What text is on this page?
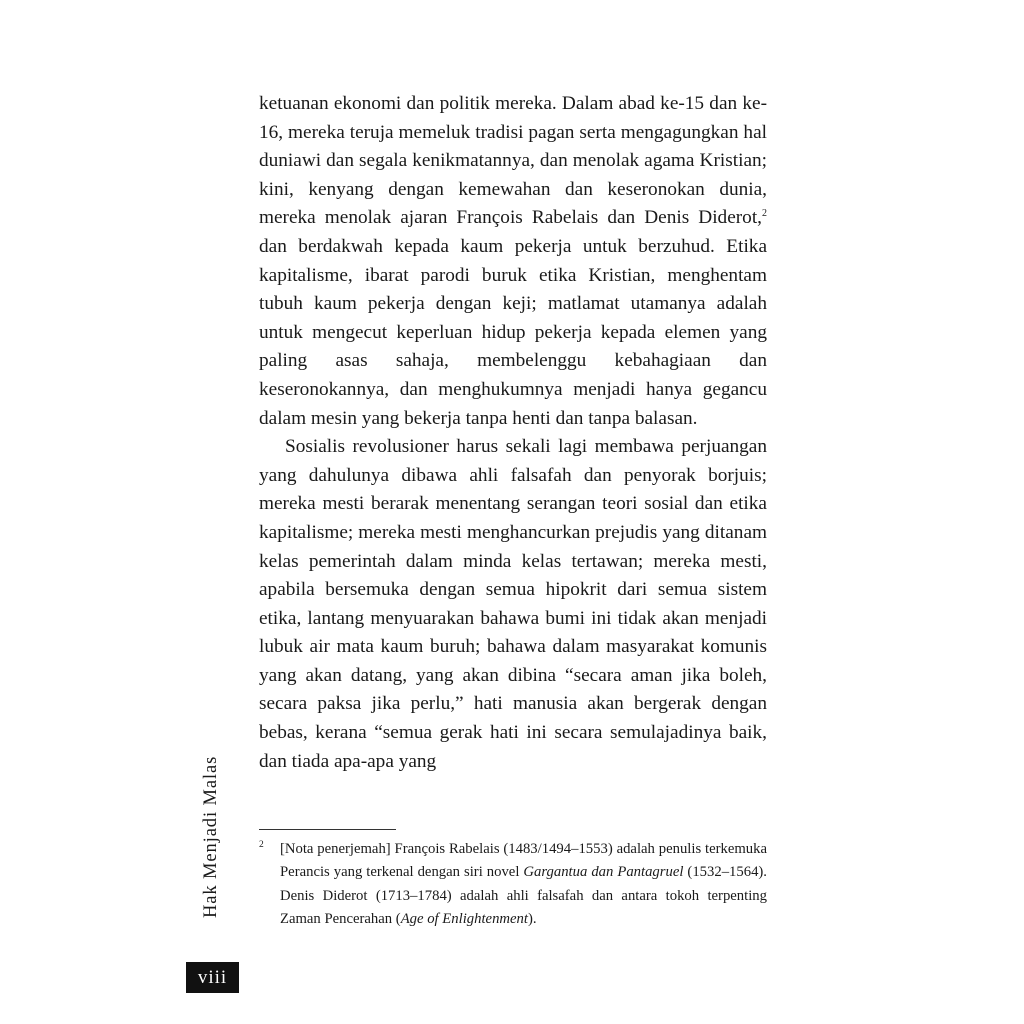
ketuanan ekonomi dan politik mereka. Dalam abad ke-15 dan ke-16, mereka teruja memeluk tradisi pagan serta mengagungkan hal duniawi dan segala kenikmatannya, dan menolak agama Kristian; kini, kenyang dengan kemewahan dan keseronokan dunia, mereka menolak ajaran François Rabelais dan Denis Diderot,$^2$ dan berdakwah kepada kaum pekerja untuk berzuhud. Etika kapitalisme, ibarat parodi buruk etika Kristian, menghentam tubuh kaum pekerja dengan keji; matlamat utamanya adalah untuk mengecut keperluan hidup pekerja kepada elemen yang paling asas sahaja, membelenggu kebahagiaan dan keseronokannya, dan menghukumnya menjadi hanya gegancu dalam mesin yang bekerja tanpa henti dan tanpa balasan.

Sosialis revolusioner harus sekali lagi membawa perjuangan yang dahulunya dibawa ahli falsafah dan penyorak borjuis; mereka mesti berarak menentang serangan teori sosial dan etika kapitalisme; mereka mesti menghancurkan prejudis yang ditanam kelas pemerintah dalam minda kelas tertawan; mereka mesti, apabila bersemuka dengan semua hipokrit dari semua sistem etika, lantang menyuarakan bahawa bumi ini tidak akan menjadi lubuk air mata kaum buruh; bahawa dalam masyarakat komunis yang akan datang, yang akan dibina “secara aman jika boleh, secara paksa jika perlu,” hati manusia akan bergerak dengan bebas, kerana “semua gerak hati ini secara semulajadinya baik, dan tiada apa-apa yang

2 [Nota penerjemah] François Rabelais (1483/1494–1553) adalah penulis terkemuka Perancis yang terkenal dengan siri novel Gargantua dan Pantagruel (1532–1564). Denis Diderot (1713–1784) adalah ahli falsafah dan antara tokoh terpenting Zaman Pencerahan (Age of Enlightenment).
Hak Menjadi Malas
viii
